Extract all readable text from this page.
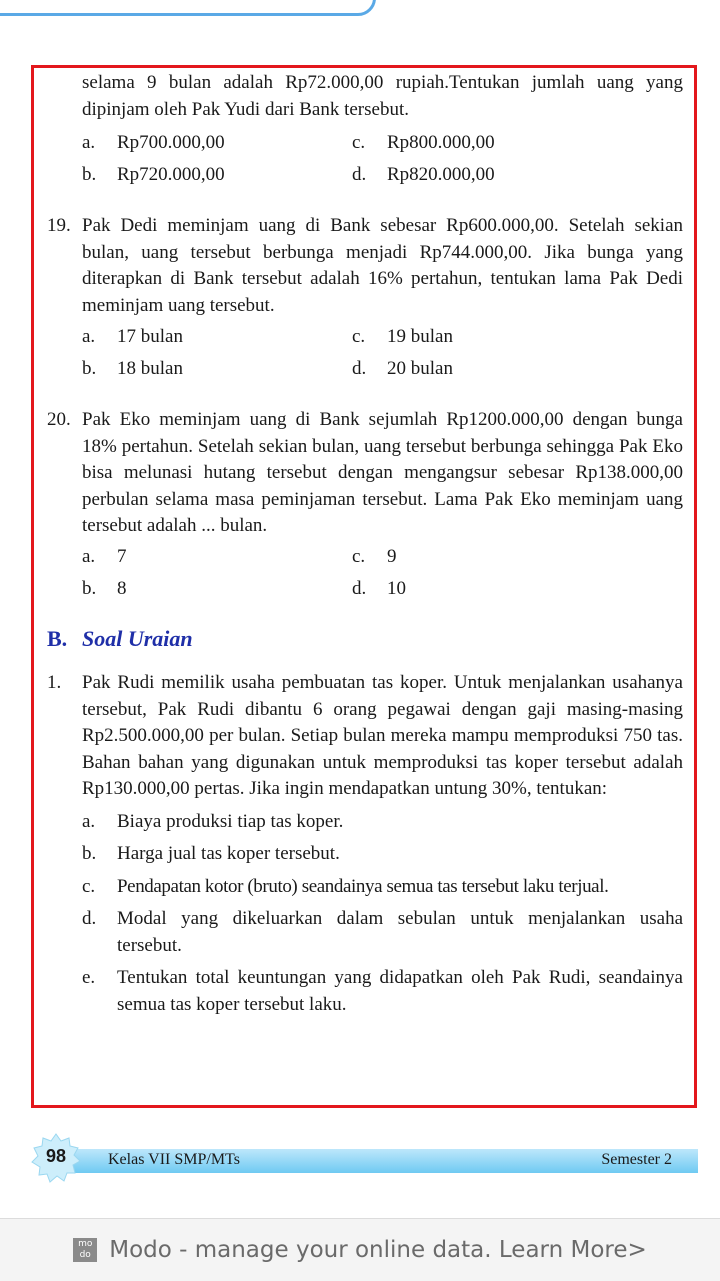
selama 9 bulan adalah Rp72.000,00 rupiah.Tentukan jumlah uang yang dipinjam oleh Pak Yudi dari Bank tersebut.

a.	Rp700.000,00	c.	Rp800.000,00
b.	Rp720.000,00	d.	Rp820.000,00
19. Pak Dedi meminjam uang di Bank sebesar Rp600.000,00. Setelah sekian bulan, uang tersebut berbunga menjadi Rp744.000,00. Jika bunga yang diterapkan di Bank tersebut adalah 16% pertahun, tentukan lama Pak Dedi meminjam uang tersebut.

a.	17 bulan	c.	19 bulan
b.	18 bulan	d.	20 bulan
20. Pak Eko meminjam uang di Bank sejumlah Rp1200.000,00 dengan bunga 18% pertahun. Setelah sekian bulan, uang tersebut berbunga sehingga Pak Eko bisa melunasi hutang tersebut dengan mengangsur sebesar Rp138.000,00 perbulan selama masa peminjaman tersebut. Lama Pak Eko meminjam uang tersebut adalah ... bulan.

a.	7	c.	9
b.	8	d.	10
B. Soal Uraian
1. Pak Rudi memilik usaha pembuatan tas koper. Untuk menjalankan usahanya tersebut, Pak Rudi dibantu 6 orang pegawai dengan gaji masing-masing Rp2.500.000,00 per bulan. Setiap bulan mereka mampu memproduksi 750 tas. Bahan bahan yang digunakan untuk memproduksi tas koper tersebut adalah Rp130.000,00 pertas. Jika ingin mendapatkan untung 30%, tentukan:

a. Biaya produksi tiap tas koper.
b. Harga jual tas koper tersebut.
c. Pendapatan kotor (bruto) seandainya semua tas tersebut laku terjual.
d. Modal yang dikeluarkan dalam sebulan untuk menjalankan usaha tersebut.
e. Tentukan total keuntungan yang didapatkan oleh Pak Rudi, seandainya semua tas koper tersebut laku.
98	Kelas VII SMP/MTs	Semester 2
mo do Modo - manage your online data. Learn More>
